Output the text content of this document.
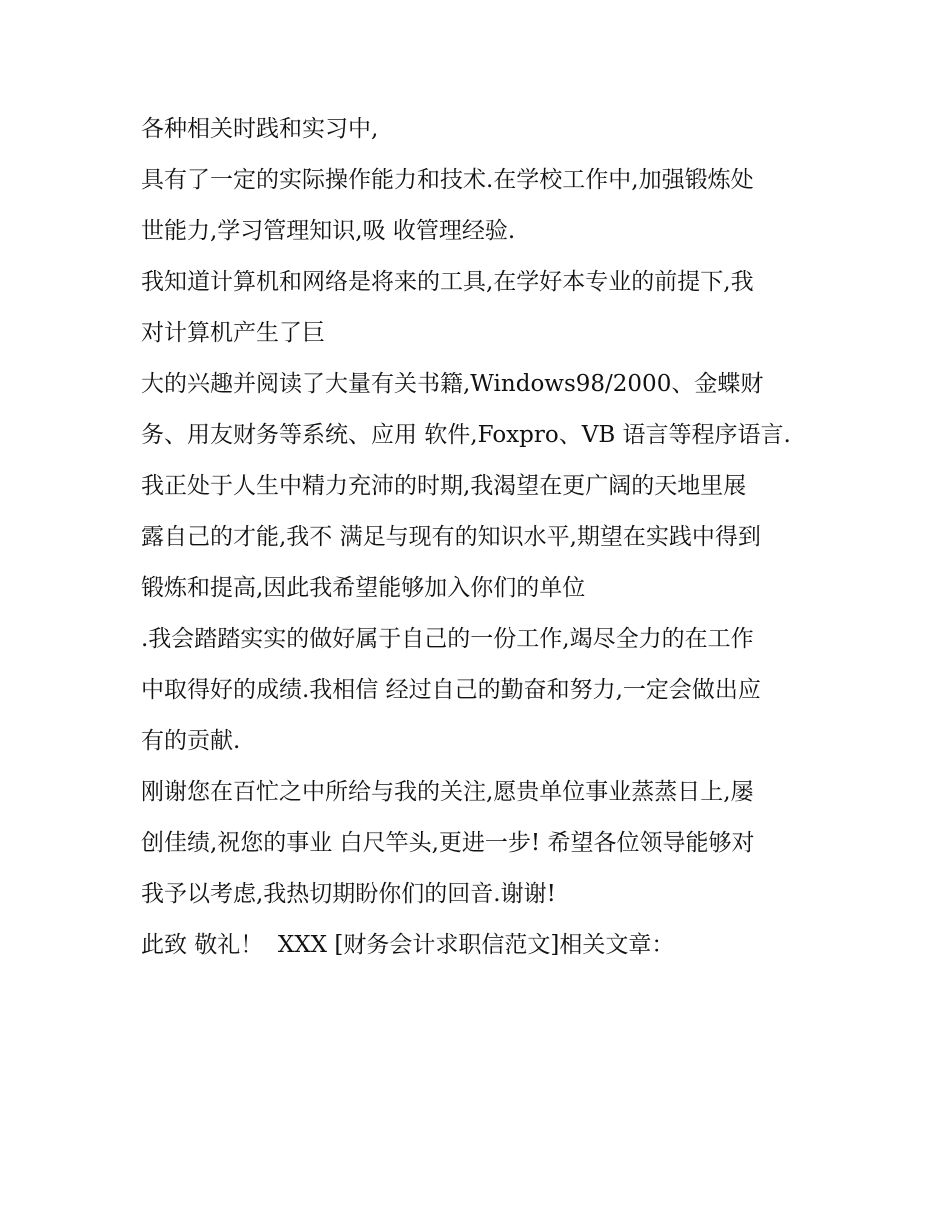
各种相关时践和实习中,
具有了一定的实际操作能力和技术.在学校工作中,加强锻炼处
世能力,学习管理知识,吸 收管理经验.
我知道计算机和网络是将来的工具,在学好本专业的前提下,我
对计算机产生了巨
大的兴趣并阅读了大量有关书籍,Windows98/2000、金蝶财
务、用友财务等系统、应用 软件,Foxpro、VB 语言等程序语言.
我正处于人生中精力充沛的时期,我渴望在更广阔的天地里展
露自己的才能,我不 满足与现有的知识水平,期望在实践中得到
锻炼和提高,因此我希望能够加入你们的单位
.我会踏踏实实的做好属于自己的一份工作,竭尽全力的在工作
中取得好的成绩.我相信 经过自己的勤奋和努力,一定会做出应
有的贡献.
刚谢您在百忙之中所给与我的关注,愿贵单位事业蒸蒸日上,屡
创佳绩,祝您的事业 白尺竿头,更进一步! 希望各位领导能够对
我予以考虑,我热切期盼你们的回音.谢谢!
此致 敬礼！  XXX [财务会计求职信范文]相关文章：
